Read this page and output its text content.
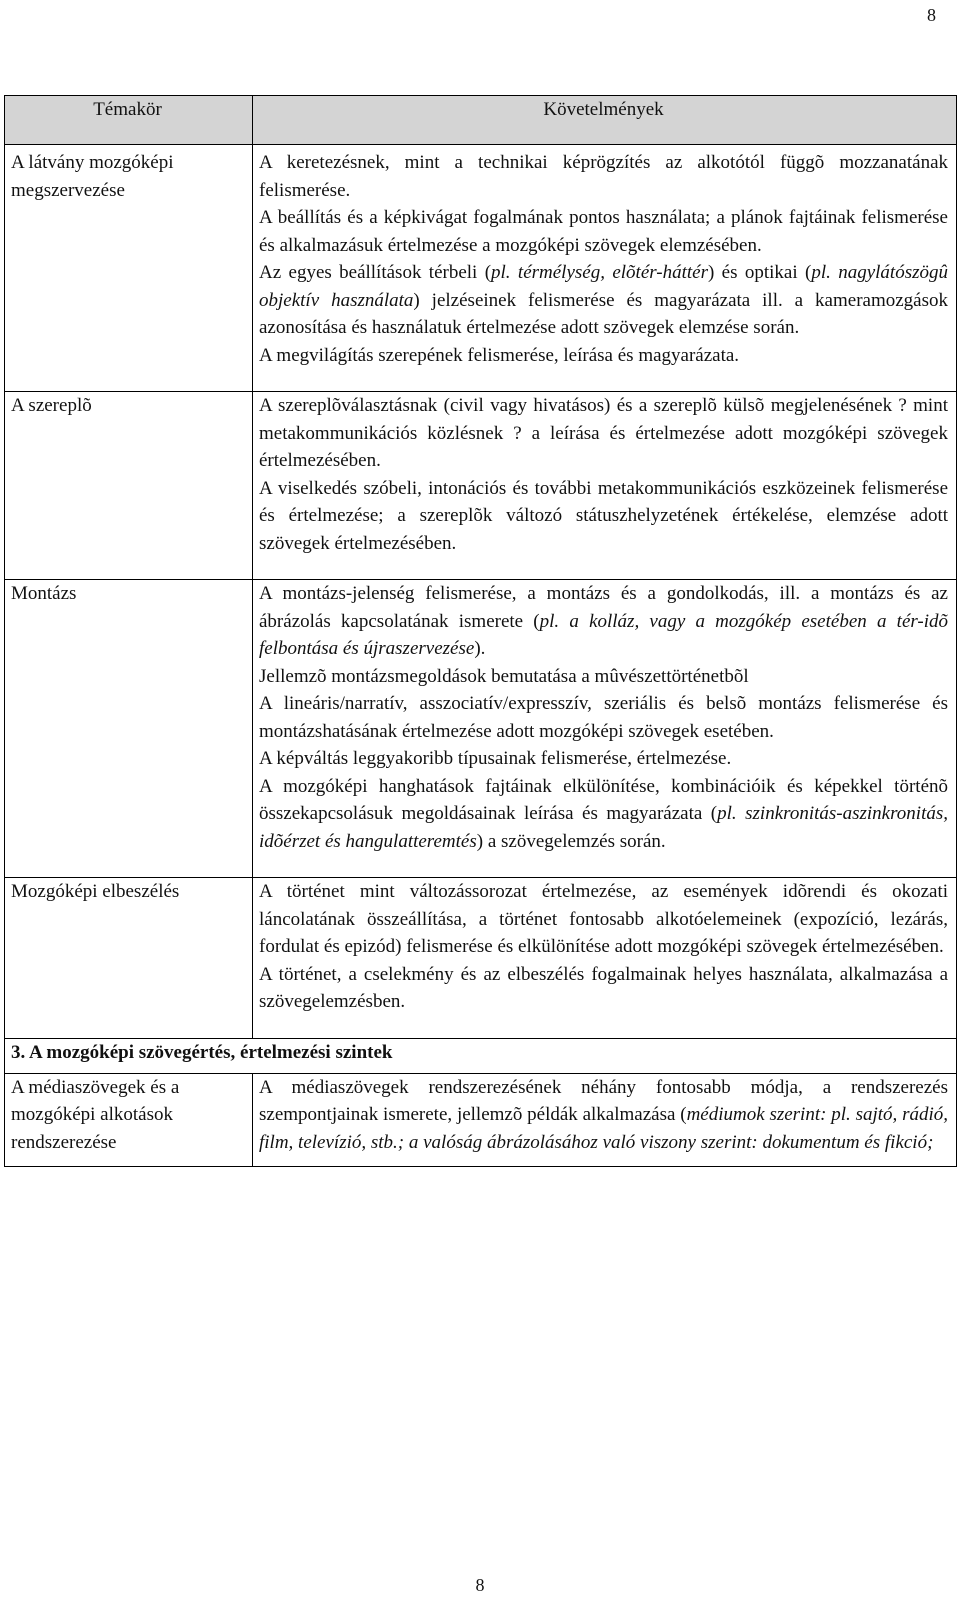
8
Témakör	Követelmények
A látvány mozgóképi megszervezése	A keretezésnek, mint a technikai képrögzítés az alkotótól függõ mozzanatának felismerése.

A beállítás és a képkivágat fogalmának pontos használata; a plánok fajtáinak felismerése és alkalmazásuk értelmezése a mozgóképi szövegek elemzésében.

Az egyes beállítások térbeli (pl. térmélység, elõtér-háttér) és optikai (pl. nagylátószögû objektív használata) jelzéseinek felismerése és magyarázata ill. a kameramozgások azonosítása és használatuk értelmezése adott szövegek elemzése során.

A megvilágítás szerepének felismerése, leírása és magyarázata.

A szereplõ	A szereplõválasztásnak (civil vagy hivatásos) és a szereplõ külsõ megjelenésének ? mint metakommunikációs közlésnek ? a leírása és értelmezése adott mozgóképi szövegek értelmezésében.

A viselkedés szóbeli, intonációs és további metakommunikációs eszközeinek felismerése és értelmezése; a szereplõk változó státuszhelyzetének értékelése, elemzése adott szövegek értelmezésében.

Montázs	A montázs-jelenség felismerése, a montázs és a gondolkodás, ill. a montázs és az ábrázolás kapcsolatának ismerete (pl. a kolláz, vagy a mozgókép esetében a tér-idõ felbontása és újraszervezése).

Jellemzõ montázsmegoldások bemutatása a mûvészettörténetbõl

A lineáris/narratív, asszociatív/expresszív, szeriális és belsõ montázs felismerése és montázshatásának értelmezése adott mozgóképi szövegek esetében.

A képváltás leggyakoribb típusainak felismerése, értelmezése.

A mozgóképi hanghatások fajtáinak elkülönítése, kombinációik és képekkel történõ összekapcsolásuk megoldásainak leírása és magyarázata (pl. szinkronitás-aszinkronitás, idõérzet és hangulatteremtés) a szövegelemzés során.

Mozgóképi elbeszélés	A történet mint változássorozat értelmezése, az események idõrendi és okozati láncolatának összeállítása, a történet fontosabb alkotóelemeinek (expozíció, lezárás, fordulat és epizód) felismerése és elkülönítése adott mozgóképi szövegek értelmezésében.

A történet, a cselekmény és az elbeszélés fogalmainak helyes használata, alkalmazása a szövegelemzésben.

3. A mozgóképi szövegértés, értelmezési szintek	
A médiaszövegek és a mozgóképi alkotások rendszerezése	A médiaszövegek rendszerezésének néhány fontosabb módja, a rendszerezés szempontjainak ismerete, jellemzõ példák alkalmazása (médiumok szerint: pl. sajtó, rádió, film, televízió, stb.; a valóság ábrázolásához való viszony szerint: dokumentum és fikció;

8
